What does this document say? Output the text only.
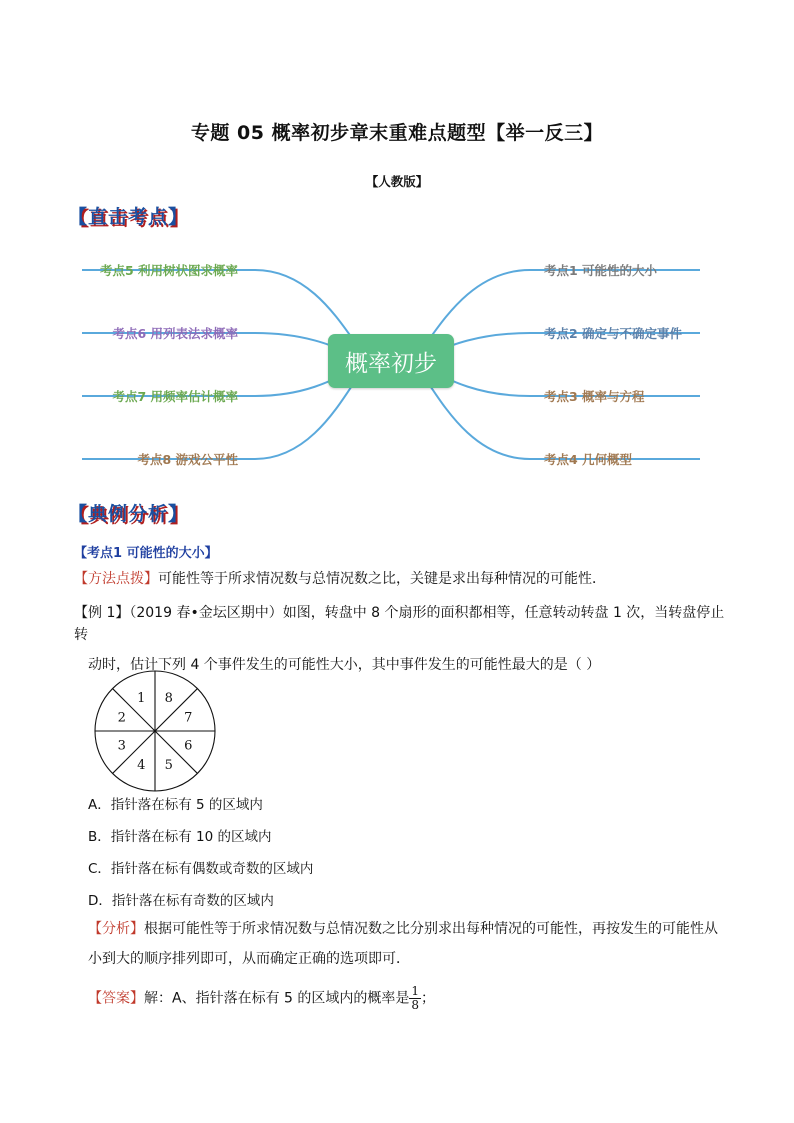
专题 05 概率初步章末重难点题型【举一反三】
【人教版】
【直击考点】
概率初步
考点5 利用树状图求概率
考点6 用列表法求概率
考点7 用频率估计概率
考点8 游戏公平性
考点1 可能性的大小
考点2 确定与不确定事件
考点3 概率与方程
考点4 几何概型
【典例分析】
【考点1 可能性的大小】
【方法点拨】可能性等于所求情况数与总情况数之比，关键是求出每种情况的可能性．
【例 1】（2019 春•金坛区期中）如图，转盘中 8 个扇形的面积都相等，任意转动转盘 1 次，当转盘停止转
动时，估计下列 4 个事件发生的可能性大小，其中事件发生的可能性最大的是（ ）
8
7
6
5
4
3
2
1
A．指针落在标有 5 的区域内
B．指针落在标有 10 的区域内
C．指针落在标有偶数或奇数的区域内
D．指针落在标有奇数的区域内
【分析】根据可能性等于所求情况数与总情况数之比分别求出每种情况的可能性，再按发生的可能性从
小到大的顺序排列即可，从而确定正确的选项即可．
【答案】解：A、指针落在标有 5 的区域内的概率是 $\frac{1}{8}$ ；
